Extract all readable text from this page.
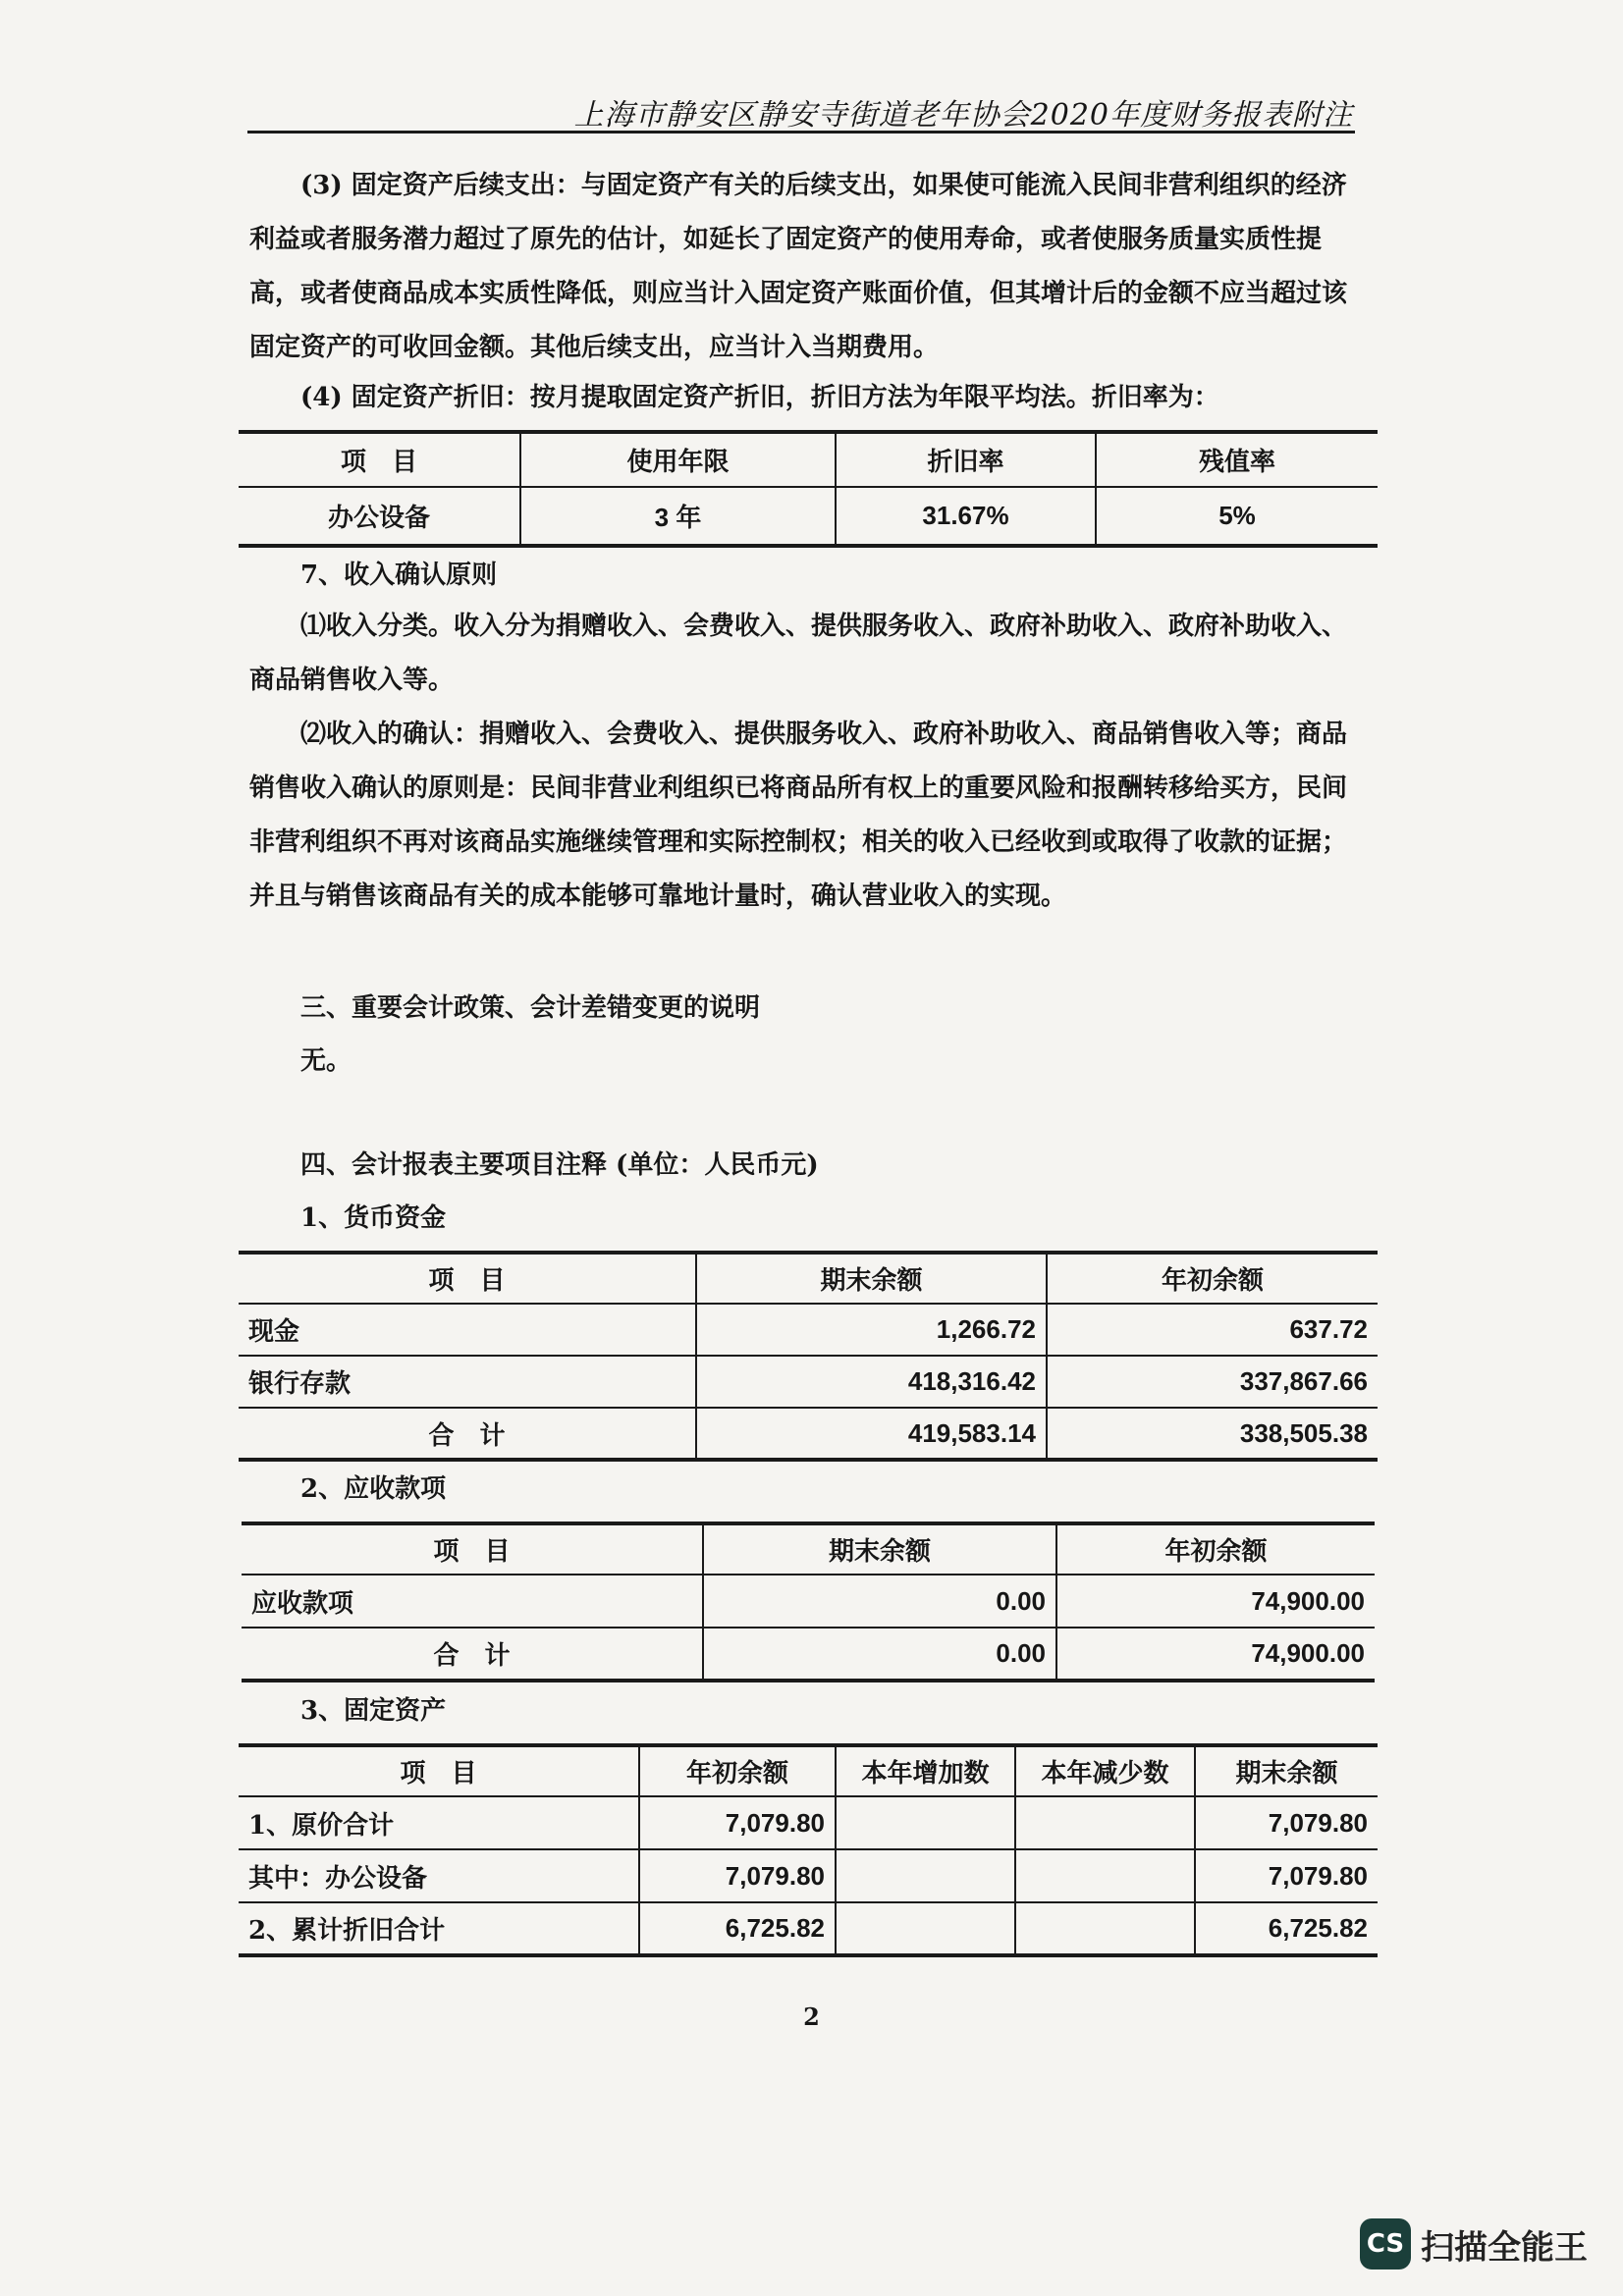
上海市静安区静安寺街道老年协会2020年度财务报表附注
(3) 固定资产后续支出：与固定资产有关的后续支出，如果使可能流入民间非营利组织的经济利益或者服务潜力超过了原先的估计，如延长了固定资产的使用寿命，或者使服务质量实质性提高，或者使商品成本实质性降低，则应当计入固定资产账面价值，但其增计后的金额不应当超过该固定资产的可收回金额。其他后续支出，应当计入当期费用。
(4) 固定资产折旧：按月提取固定资产折旧，折旧方法为年限平均法。折旧率为：
项　目	使用年限	折旧率	残值率
办公设备	3 年	31.67%	5%
7、收入确认原则
⑴收入分类。收入分为捐赠收入、会费收入、提供服务收入、政府补助收入、政府补助收入、商品销售收入等。
⑵收入的确认：捐赠收入、会费收入、提供服务收入、政府补助收入、商品销售收入等；商品销售收入确认的原则是：民间非营业利组织已将商品所有权上的重要风险和报酬转移给买方，民间非营利组织不再对该商品实施继续管理和实际控制权；相关的收入已经收到或取得了收款的证据；并且与销售该商品有关的成本能够可靠地计量时，确认营业收入的实现。
三、重要会计政策、会计差错变更的说明
无。
四、会计报表主要项目注释 (单位：人民币元)
1、货币资金
项　目	期末余额	年初余额
现金	1,266.72	637.72
银行存款	418,316.42	337,867.66
合　计	419,583.14	338,505.38
2、应收款项
项　目	期末余额	年初余额
应收款项	0.00	74,900.00
合　计	0.00	74,900.00
3、固定资产
项　目	年初余额	本年增加数	本年减少数	期末余额
1、原价合计	7,079.80			7,079.80
其中：办公设备	7,079.80			7,079.80
2、累计折旧合计	6,725.82			6,725.82
2
CS 扫描全能王
